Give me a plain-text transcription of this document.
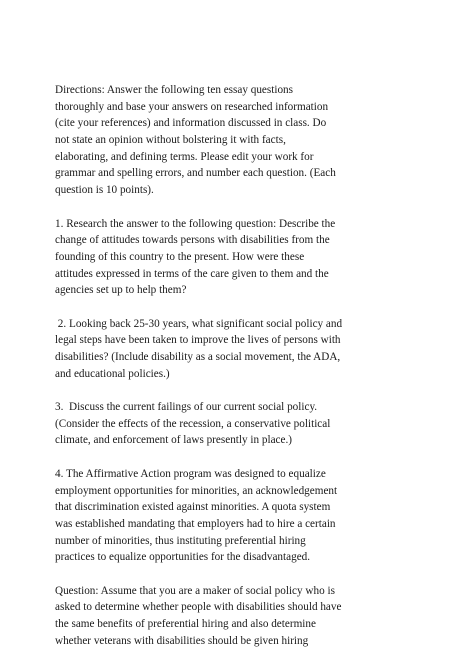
Directions: Answer the following ten essay questions
thoroughly and base your answers on researched information
(cite your references) and information discussed in class. Do
not state an opinion without bolstering it with facts,
elaborating, and defining terms. Please edit your work for
grammar and spelling errors, and number each question. (Each
question is 10 points).
1. Research the answer to the following question: Describe the
change of attitudes towards persons with disabilities from the
founding of this country to the present. How were these
attitudes expressed in terms of the care given to them and the
agencies set up to help them?
2. Looking back 25-30 years, what significant social policy and
legal steps have been taken to improve the lives of persons with
disabilities? (Include disability as a social movement, the ADA,
and educational policies.)
3.  Discuss the current failings of our current social policy.
(Consider the effects of the recession, a conservative political
climate, and enforcement of laws presently in place.)
4. The Affirmative Action program was designed to equalize
employment opportunities for minorities, an acknowledgement
that discrimination existed against minorities. A quota system
was established mandating that employers had to hire a certain
number of minorities, thus instituting preferential hiring
practices to equalize opportunities for the disadvantaged.
Question: Assume that you are a maker of social policy who is
asked to determine whether people with disabilities should have
the same benefits of preferential hiring and also determine
whether veterans with disabilities should be given hiring
